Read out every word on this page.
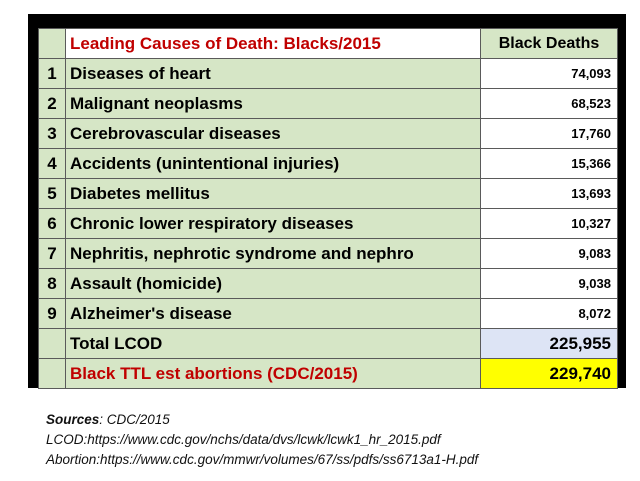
	Leading Causes of Death: Blacks/2015	Black Deaths
1	Diseases of heart	74,093
2	Malignant neoplasms	68,523
3	Cerebrovascular diseases	17,760
4	Accidents (unintentional injuries)	15,366
5	Diabetes mellitus	13,693
6	Chronic lower respiratory diseases	10,327
7	Nephritis, nephrotic syndrome and nephro	9,083
8	Assault (homicide)	9,038
9	Alzheimer's disease	8,072
	Total LCOD	225,955
	Black TTL est abortions (CDC/2015)	229,740
Sources: CDC/2015
LCOD:https://www.cdc.gov/nchs/data/dvs/lcwk/lcwk1_hr_2015.pdf
Abortion:https://www.cdc.gov/mmwr/volumes/67/ss/pdfs/ss6713a1-H.pdf
